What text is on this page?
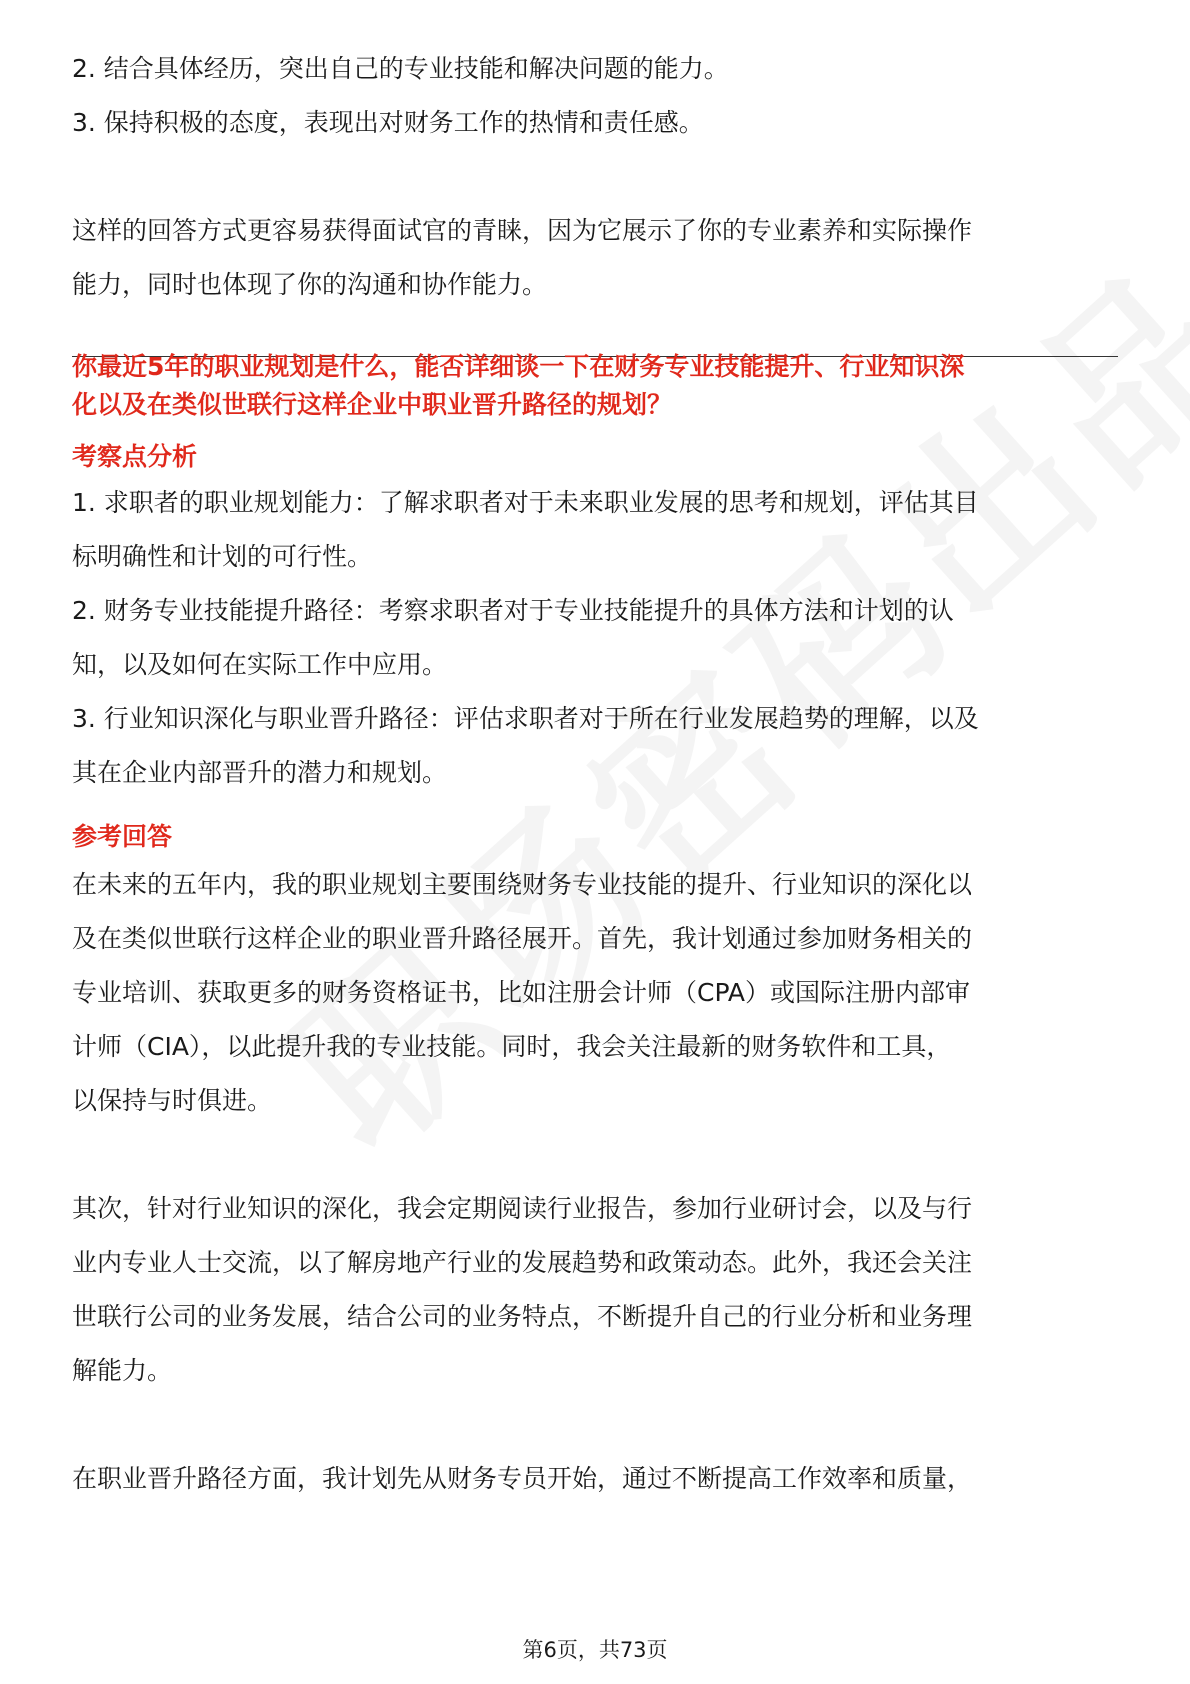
2. 结合具体经历，突出自己的专业技能和解决问题的能力。
3. 保持积极的态度，表现出对财务工作的热情和责任感。
这样的回答方式更容易获得面试官的青睐，因为它展示了你的专业素养和实际操作
能力，同时也体现了你的沟通和协作能力。
你最近5年的职业规划是什么，能否详细谈一下在财务专业技能提升、行业知识深
化以及在类似世联行这样企业中职业晋升路径的规划？
考察点分析
1. 求职者的职业规划能力：了解求职者对于未来职业发展的思考和规划，评估其目
标明确性和计划的可行性。
2. 财务专业技能提升路径：考察求职者对于专业技能提升的具体方法和计划的认
知，以及如何在实际工作中应用。
3. 行业知识深化与职业晋升路径：评估求职者对于所在行业发展趋势的理解，以及
其在企业内部晋升的潜力和规划。
参考回答
在未来的五年内，我的职业规划主要围绕财务专业技能的提升、行业知识的深化以
及在类似世联行这样企业的职业晋升路径展开。首先，我计划通过参加财务相关的
专业培训、获取更多的财务资格证书，比如注册会计师（CPA）或国际注册内部审
计师（CIA），以此提升我的专业技能。同时，我会关注最新的财务软件和工具，
以保持与时俱进。
其次，针对行业知识的深化，我会定期阅读行业报告，参加行业研讨会，以及与行
业内专业人士交流，以了解房地产行业的发展趋势和政策动态。此外，我还会关注
世联行公司的业务发展，结合公司的业务特点，不断提升自己的行业分析和业务理
解能力。
在职业晋升路径方面，我计划先从财务专员开始，通过不断提高工作效率和质量，
第6页，共73页
